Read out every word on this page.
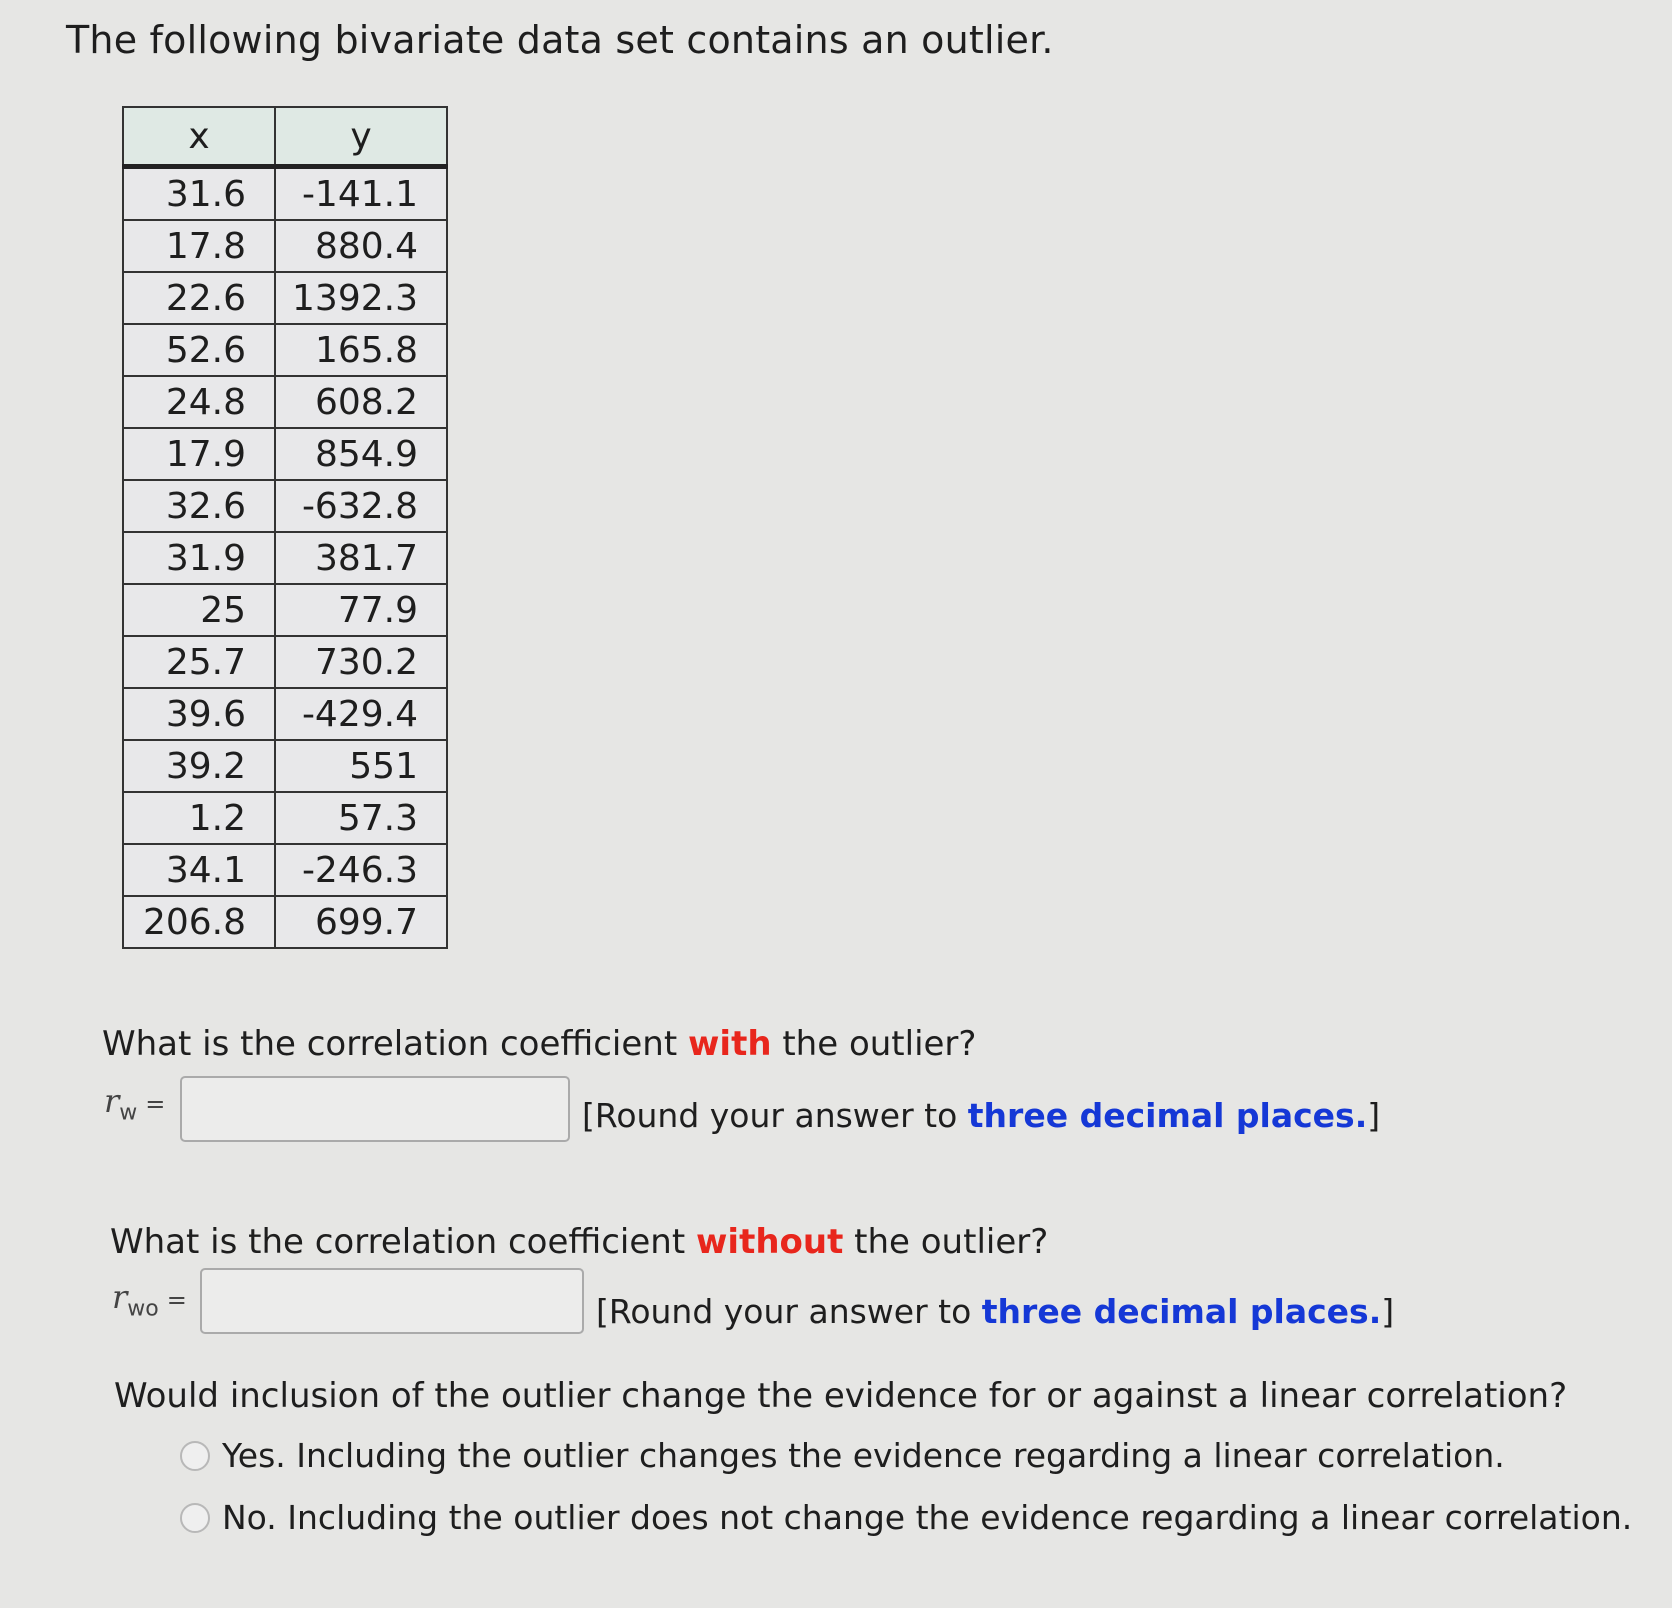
The following bivariate data set contains an outlier.
x	y
31.6	-141.1
17.8	880.4
22.6	1392.3
52.6	165.8
24.8	608.2
17.9	854.9
32.6	-632.8
31.9	381.7
25	77.9
25.7	730.2
39.6	-429.4
39.2	551
1.2	57.3
34.1	-246.3
206.8	699.7
What is the correlation coefficient with the outlier?
$r_w$ =	[Round your answer to three decimal places.]
What is the correlation coefficient without the outlier?
$r_{wo}$ =	[Round your answer to three decimal places.]
Would inclusion of the outlier change the evidence for or against a linear correlation?
Yes. Including the outlier changes the evidence regarding a linear correlation.
No. Including the outlier does not change the evidence regarding a linear correlation.
